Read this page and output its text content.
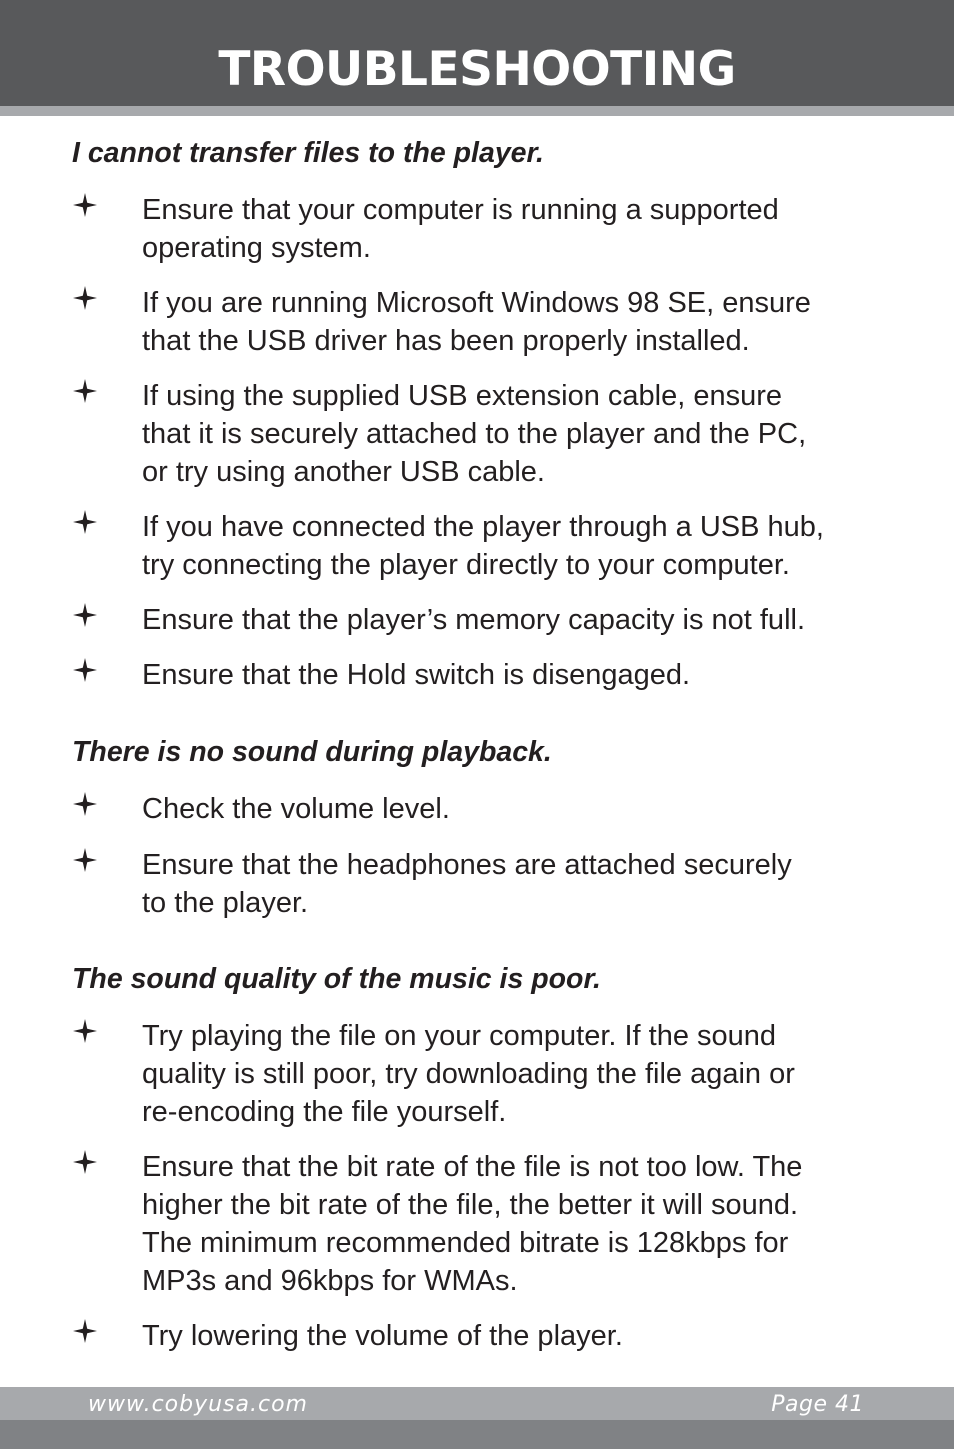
TROUBLESHOOTING
I cannot transfer files to the player.

Ensure that your computer is running a supported
operating system.

If you are running Microsoft Windows 98 SE, ensure
that the USB driver has been properly installed.

If using the supplied USB extension cable, ensure
that it is securely attached to the player and the PC,
or try using another USB cable.

If you have connected the player through a USB hub,
try connecting the player directly to your computer.

Ensure that the player’s memory capacity is not full.

Ensure that the Hold switch is disengaged.

There is no sound during playback.

Check the volume level.

Ensure that the headphones are attached securely
to the player.

The sound quality of the music is poor.

Try playing the file on your computer. If the sound
quality is still poor, try downloading the file again or
re-encoding the file yourself.

Ensure that the bit rate of the file is not too low. The
higher the bit rate of the file, the better it will sound.
The minimum recommended bitrate is 128kbps for
MP3s and 96kbps for WMAs.

Try lowering the volume of the player.

www.cobyusa.com	Page 41
